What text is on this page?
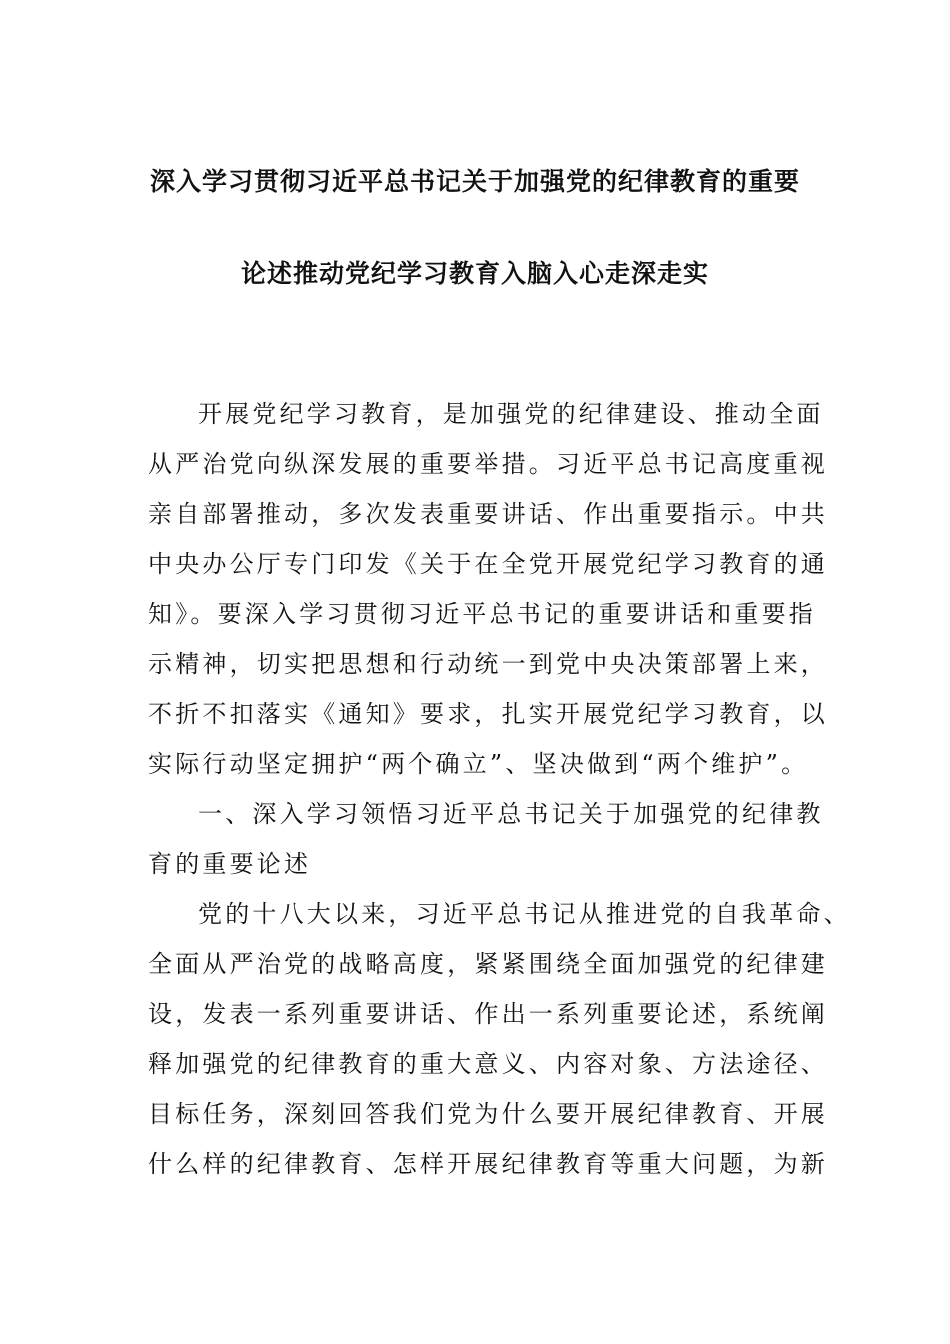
深入学习贯彻习近平总书记关于加强党的纪律教育的重要
论述推动党纪学习教育入脑入心走深走实
开展党纪学习教育，是加强党的纪律建设、推动全面
从严治党向纵深发展的重要举措。习近平总书记高度重视
亲自部署推动，多次发表重要讲话、作出重要指示。中共
中央办公厅专门印发《关于在全党开展党纪学习教育的通
知》。要深入学习贯彻习近平总书记的重要讲话和重要指
示精神，切实把思想和行动统一到党中央决策部署上来，
不折不扣落实《通知》要求，扎实开展党纪学习教育，以
实际行动坚定拥护“两个确立”、坚决做到“两个维护”。
一、深入学习领悟习近平总书记关于加强党的纪律教
育的重要论述
党的十八大以来，习近平总书记从推进党的自我革命、
全面从严治党的战略高度，紧紧围绕全面加强党的纪律建
设，发表一系列重要讲话、作出一系列重要论述，系统阐
释加强党的纪律教育的重大意义、内容对象、方法途径、
目标任务，深刻回答我们党为什么要开展纪律教育、开展
什么样的纪律教育、怎样开展纪律教育等重大问题，为新
